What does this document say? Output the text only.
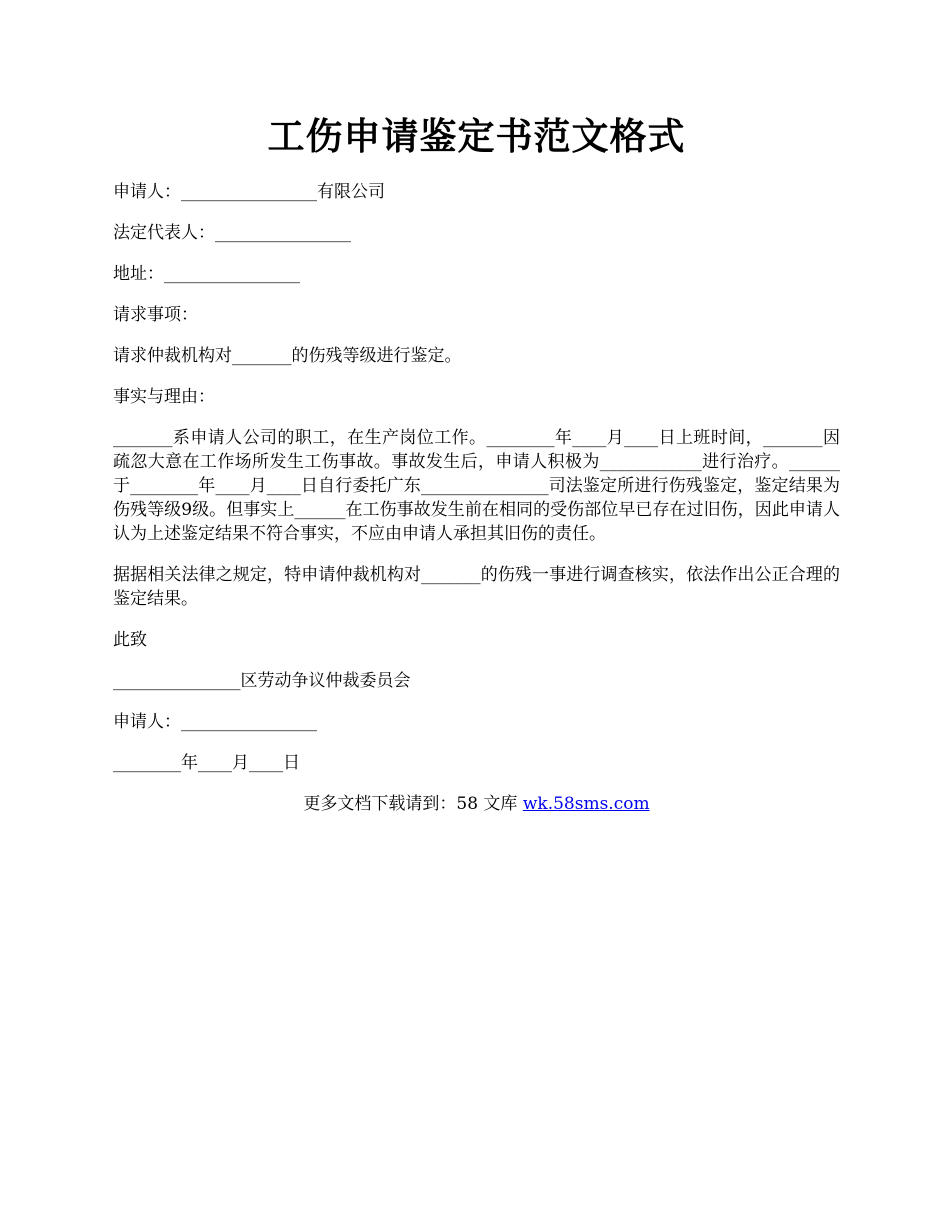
工伤申请鉴定书范文格式

申请人：________________有限公司

法定代表人：________________

地址：________________

请求事项：

请求仲裁机构对_______的伤残等级进行鉴定。

事实与理由：

_______系申请人公司的职工，在生产岗位工作。________年____月____日上班时间，_______因疏忽大意在工作场所发生工伤事故。事故发生后，申请人积极为____________进行治疗。______于________年____月____日自行委托广东_______________司法鉴定所进行伤残鉴定，鉴定结果为伤残等级9级。但事实上______在工伤事故发生前在相同的受伤部位早已存在过旧伤，因此申请人认为上述鉴定结果不符合事实，不应由申请人承担其旧伤的责任。

据据相关法律之规定，特申请仲裁机构对_______的伤残一事进行调查核实，依法作出公正合理的鉴定结果。

此致

_______________区劳动争议仲裁委员会

申请人：________________

________年____月____日

更多文档下载请到：58 文库 wk.58sms.com
